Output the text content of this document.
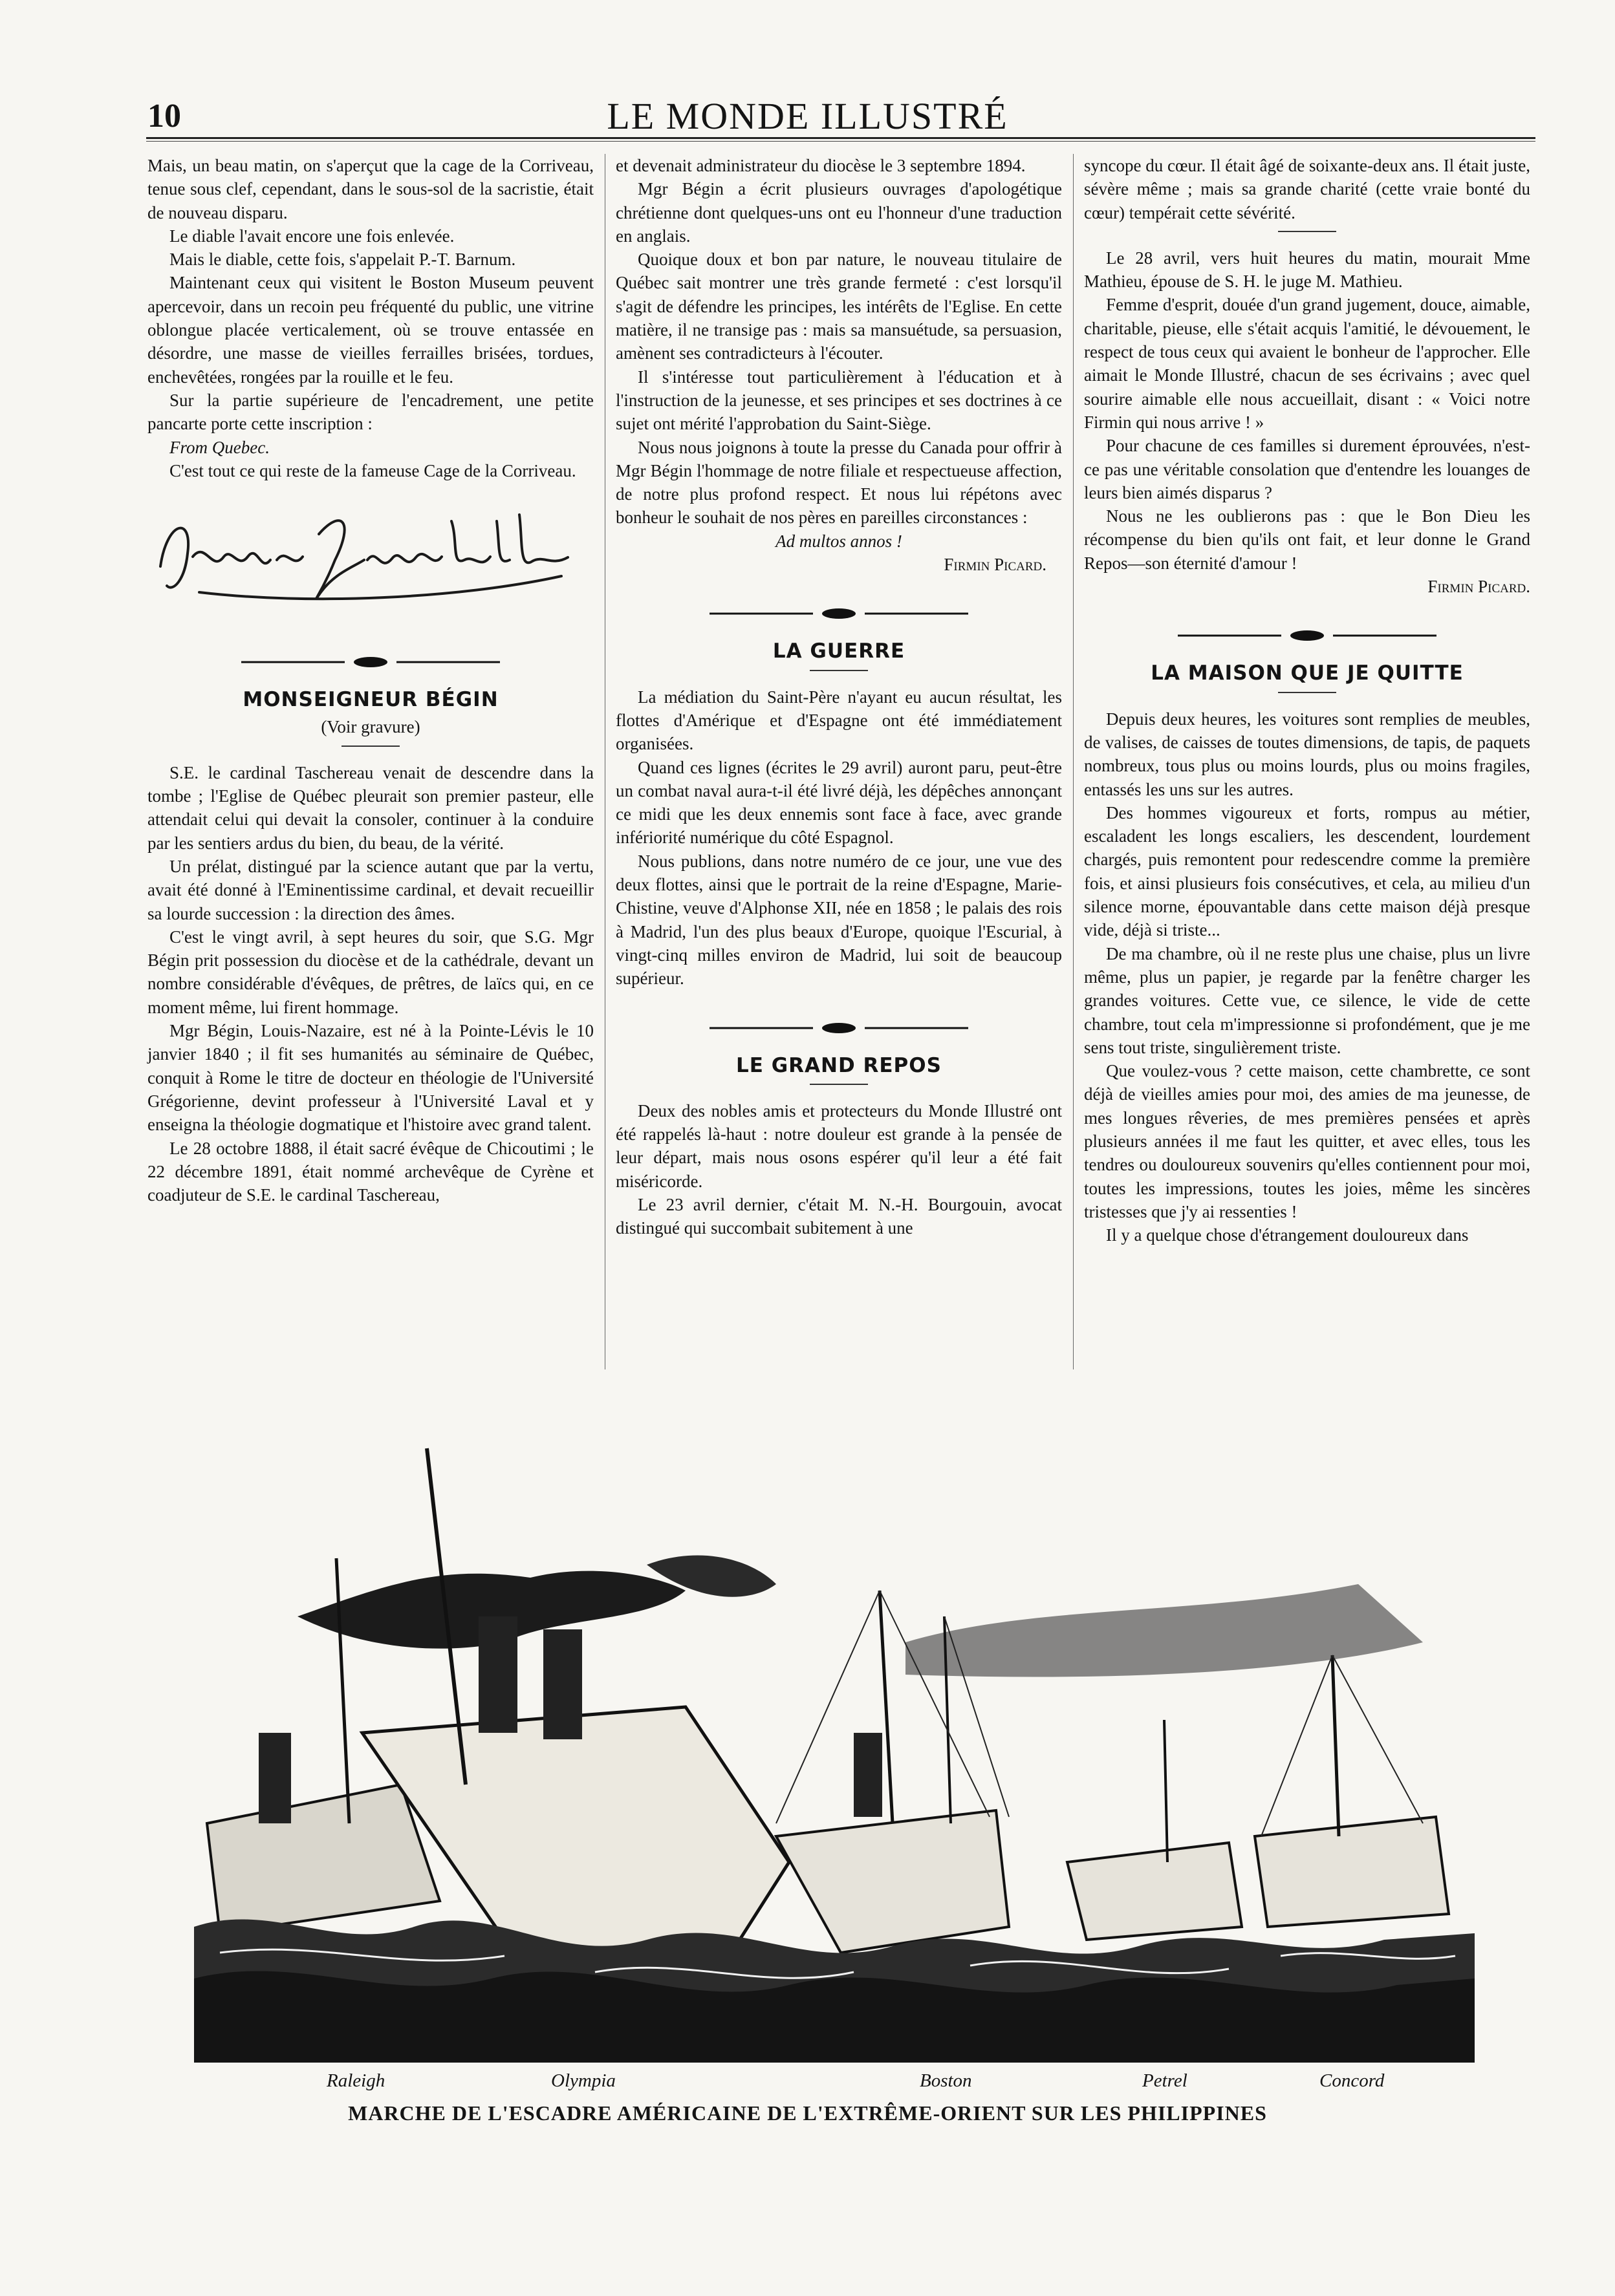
10	LE MONDE ILLUSTRÉ

Mais, un beau matin, on s'aperçut que la cage de la Corriveau, tenue sous clef, cependant, dans le sous-sol de la sacristie, était de nouveau disparu.

Le diable l'avait encore une fois enlevée.

Mais le diable, cette fois, s'appelait P.-T. Barnum.

Maintenant ceux qui visitent le Boston Museum peuvent apercevoir, dans un recoin peu fréquenté du public, une vitrine oblongue placée verticalement, où se trouve entassée en désordre, une masse de vieilles ferrailles brisées, tordues, enchevêtées, rongées par la rouille et le feu.

Sur la partie supérieure de l'encadrement, une petite pancarte porte cette inscription :

From Quebec.

C'est tout ce qui reste de la fameuse Cage de la Corriveau.

MONSEIGNEUR BÉGIN

(Voir gravure)

S.E. le cardinal Taschereau venait de descendre dans la tombe ; l'Eglise de Québec pleurait son premier pasteur, elle attendait celui qui devait la consoler, continuer à la conduire par les sentiers ardus du bien, du beau, de la vérité.

Un prélat, distingué par la science autant que par la vertu, avait été donné à l'Eminentissime cardinal, et devait recueillir sa lourde succession : la direction des âmes.

C'est le vingt avril, à sept heures du soir, que S.G. Mgr Bégin prit possession du diocèse et de la cathédrale, devant un nombre considérable d'évêques, de prêtres, de laïcs qui, en ce moment même, lui firent hommage.

Mgr Bégin, Louis-Nazaire, est né à la Pointe-Lévis le 10 janvier 1840 ; il fit ses humanités au séminaire de Québec, conquit à Rome le titre de docteur en théologie de l'Université Grégorienne, devint professeur à l'Université Laval et y enseigna la théologie dogmatique et l'histoire avec grand talent.

Le 28 octobre 1888, il était sacré évêque de Chicoutimi ; le 22 décembre 1891, était nommé archevêque de Cyrène et coadjuteur de S.E. le cardinal Taschereau,

et devenait administrateur du diocèse le 3 septembre 1894.

Mgr Bégin a écrit plusieurs ouvrages d'apologétique chrétienne dont quelques-uns ont eu l'honneur d'une traduction en anglais.

Quoique doux et bon par nature, le nouveau titulaire de Québec sait montrer une très grande fermeté : c'est lorsqu'il s'agit de défendre les principes, les intérêts de l'Eglise. En cette matière, il ne transige pas : mais sa mansuétude, sa persuasion, amènent ses contradicteurs à l'écouter.

Il s'intéresse tout particulièrement à l'éducation et à l'instruction de la jeunesse, et ses principes et ses doctrines à ce sujet ont mérité l'approbation du Saint-Siège.

Nous nous joignons à toute la presse du Canada pour offrir à Mgr Bégin l'hommage de notre filiale et respectueuse affection, de notre plus profond respect. Et nous lui répétons avec bonheur le souhait de nos pères en pareilles circonstances :

Ad multos annos !

Firmin Picard.

LA GUERRE

La médiation du Saint-Père n'ayant eu aucun résultat, les flottes d'Amérique et d'Espagne ont été immédiatement organisées.

Quand ces lignes (écrites le 29 avril) auront paru, peut-être un combat naval aura-t-il été livré déjà, les dépêches annonçant ce midi que les deux ennemis sont face à face, avec grande infériorité numérique du côté Espagnol.

Nous publions, dans notre numéro de ce jour, une vue des deux flottes, ainsi que le portrait de la reine d'Espagne, Marie-Chistine, veuve d'Alphonse XII, née en 1858 ; le palais des rois à Madrid, l'un des plus beaux d'Europe, quoique l'Escurial, à vingt-cinq milles environ de Madrid, lui soit de beaucoup supérieur.

LE GRAND REPOS

Deux des nobles amis et protecteurs du Monde Illustré ont été rappelés là-haut : notre douleur est grande à la pensée de leur départ, mais nous osons espérer qu'il leur a été fait miséricorde.

Le 23 avril dernier, c'était M. N.-H. Bourgouin, avocat distingué qui succombait subitement à une

syncope du cœur. Il était âgé de soixante-deux ans. Il était juste, sévère même ; mais sa grande charité (cette vraie bonté du cœur) tempérait cette sévérité.

Le 28 avril, vers huit heures du matin, mourait Mme Mathieu, épouse de S. H. le juge M. Mathieu.

Femme d'esprit, douée d'un grand jugement, douce, aimable, charitable, pieuse, elle s'était acquis l'amitié, le dévouement, le respect de tous ceux qui avaient le bonheur de l'approcher. Elle aimait le Monde Illustré, chacun de ses écrivains ; avec quel sourire aimable elle nous accueillait, disant : « Voici notre Firmin qui nous arrive ! »

Pour chacune de ces familles si durement éprouvées, n'est-ce pas une véritable consolation que d'entendre les louanges de leurs bien aimés disparus ?

Nous ne les oublierons pas : que le Bon Dieu les récompense du bien qu'ils ont fait, et leur donne le Grand Repos—son éternité d'amour !

Firmin Picard.

LA MAISON QUE JE QUITTE

Depuis deux heures, les voitures sont remplies de meubles, de valises, de caisses de toutes dimensions, de tapis, de paquets nombreux, tous plus ou moins lourds, plus ou moins fragiles, entassés les uns sur les autres.

Des hommes vigoureux et forts, rompus au métier, escaladent les longs escaliers, les descendent, lourdement chargés, puis remontent pour redescendre comme la première fois, et ainsi plusieurs fois consécutives, et cela, au milieu d'un silence morne, épouvantable dans cette maison déjà presque vide, déjà si triste...

De ma chambre, où il ne reste plus une chaise, plus un livre même, plus un papier, je regarde par la fenêtre charger les grandes voitures. Cette vue, ce silence, le vide de cette chambre, tout cela m'impressionne si profondément, que je me sens tout triste, singulièrement triste.

Que voulez-vous ? cette maison, cette chambrette, ce sont déjà de vieilles amies pour moi, des amies de ma jeunesse, de mes longues rêveries, de mes premières pensées et après plusieurs années il me faut les quitter, et avec elles, tous les tendres ou douloureux souvenirs qu'elles contiennent pour moi, toutes les impressions, toutes les joies, même les sincères tristesses que j'y ai ressenties !

Il y a quelque chose d'étrangement douloureux dans

Raleigh	Olympia	Boston	Petrel	Concord
MARCHE DE L'ESCADRE AMÉRICAINE DE L'EXTRÊME-ORIENT SUR LES PHILIPPINES
